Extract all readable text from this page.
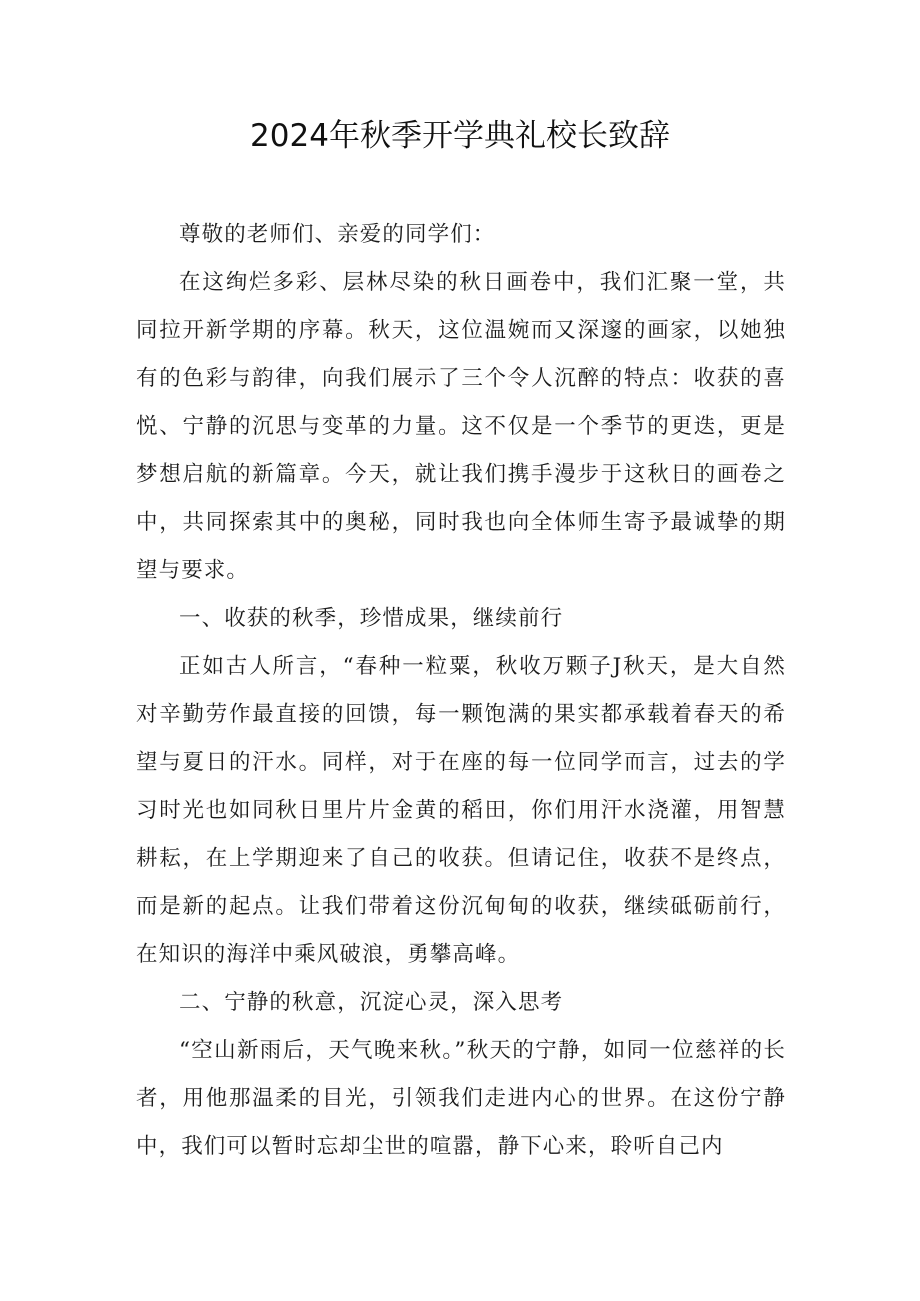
2024年秋季开学典礼校长致辞

尊敬的老师们、亲爱的同学们：

在这绚烂多彩、层林尽染的秋日画卷中，我们汇聚一堂，共同拉开新学期的序幕。秋天，这位温婉而又深邃的画家，以她独有的色彩与韵律，向我们展示了三个令人沉醉的特点：收获的喜悦、宁静的沉思与变革的力量。这不仅是一个季节的更迭，更是梦想启航的新篇章。今天，就让我们携手漫步于这秋日的画卷之中，共同探索其中的奥秘，同时我也向全体师生寄予最诚挚的期望与要求。

一、收获的秋季，珍惜成果，继续前行

正如古人所言，“春种一粒粟，秋收万颗子J秋天，是大自然对辛勤劳作最直接的回馈，每一颗饱满的果实都承载着春天的希望与夏日的汗水。同样，对于在座的每一位同学而言，过去的学习时光也如同秋日里片片金黄的稻田，你们用汗水浇灌，用智慧耕耘，在上学期迎来了自己的收获。但请记住，收获不是终点，而是新的起点。让我们带着这份沉甸甸的收获，继续砥砺前行，在知识的海洋中乘风破浪，勇攀高峰。

二、宁静的秋意，沉淀心灵，深入思考

“空山新雨后，天气晚来秋。”秋天的宁静，如同一位慈祥的长者，用他那温柔的目光，引领我们走进内心的世界。在这份宁静中，我们可以暂时忘却尘世的喧嚣，静下心来，聆听自己内
